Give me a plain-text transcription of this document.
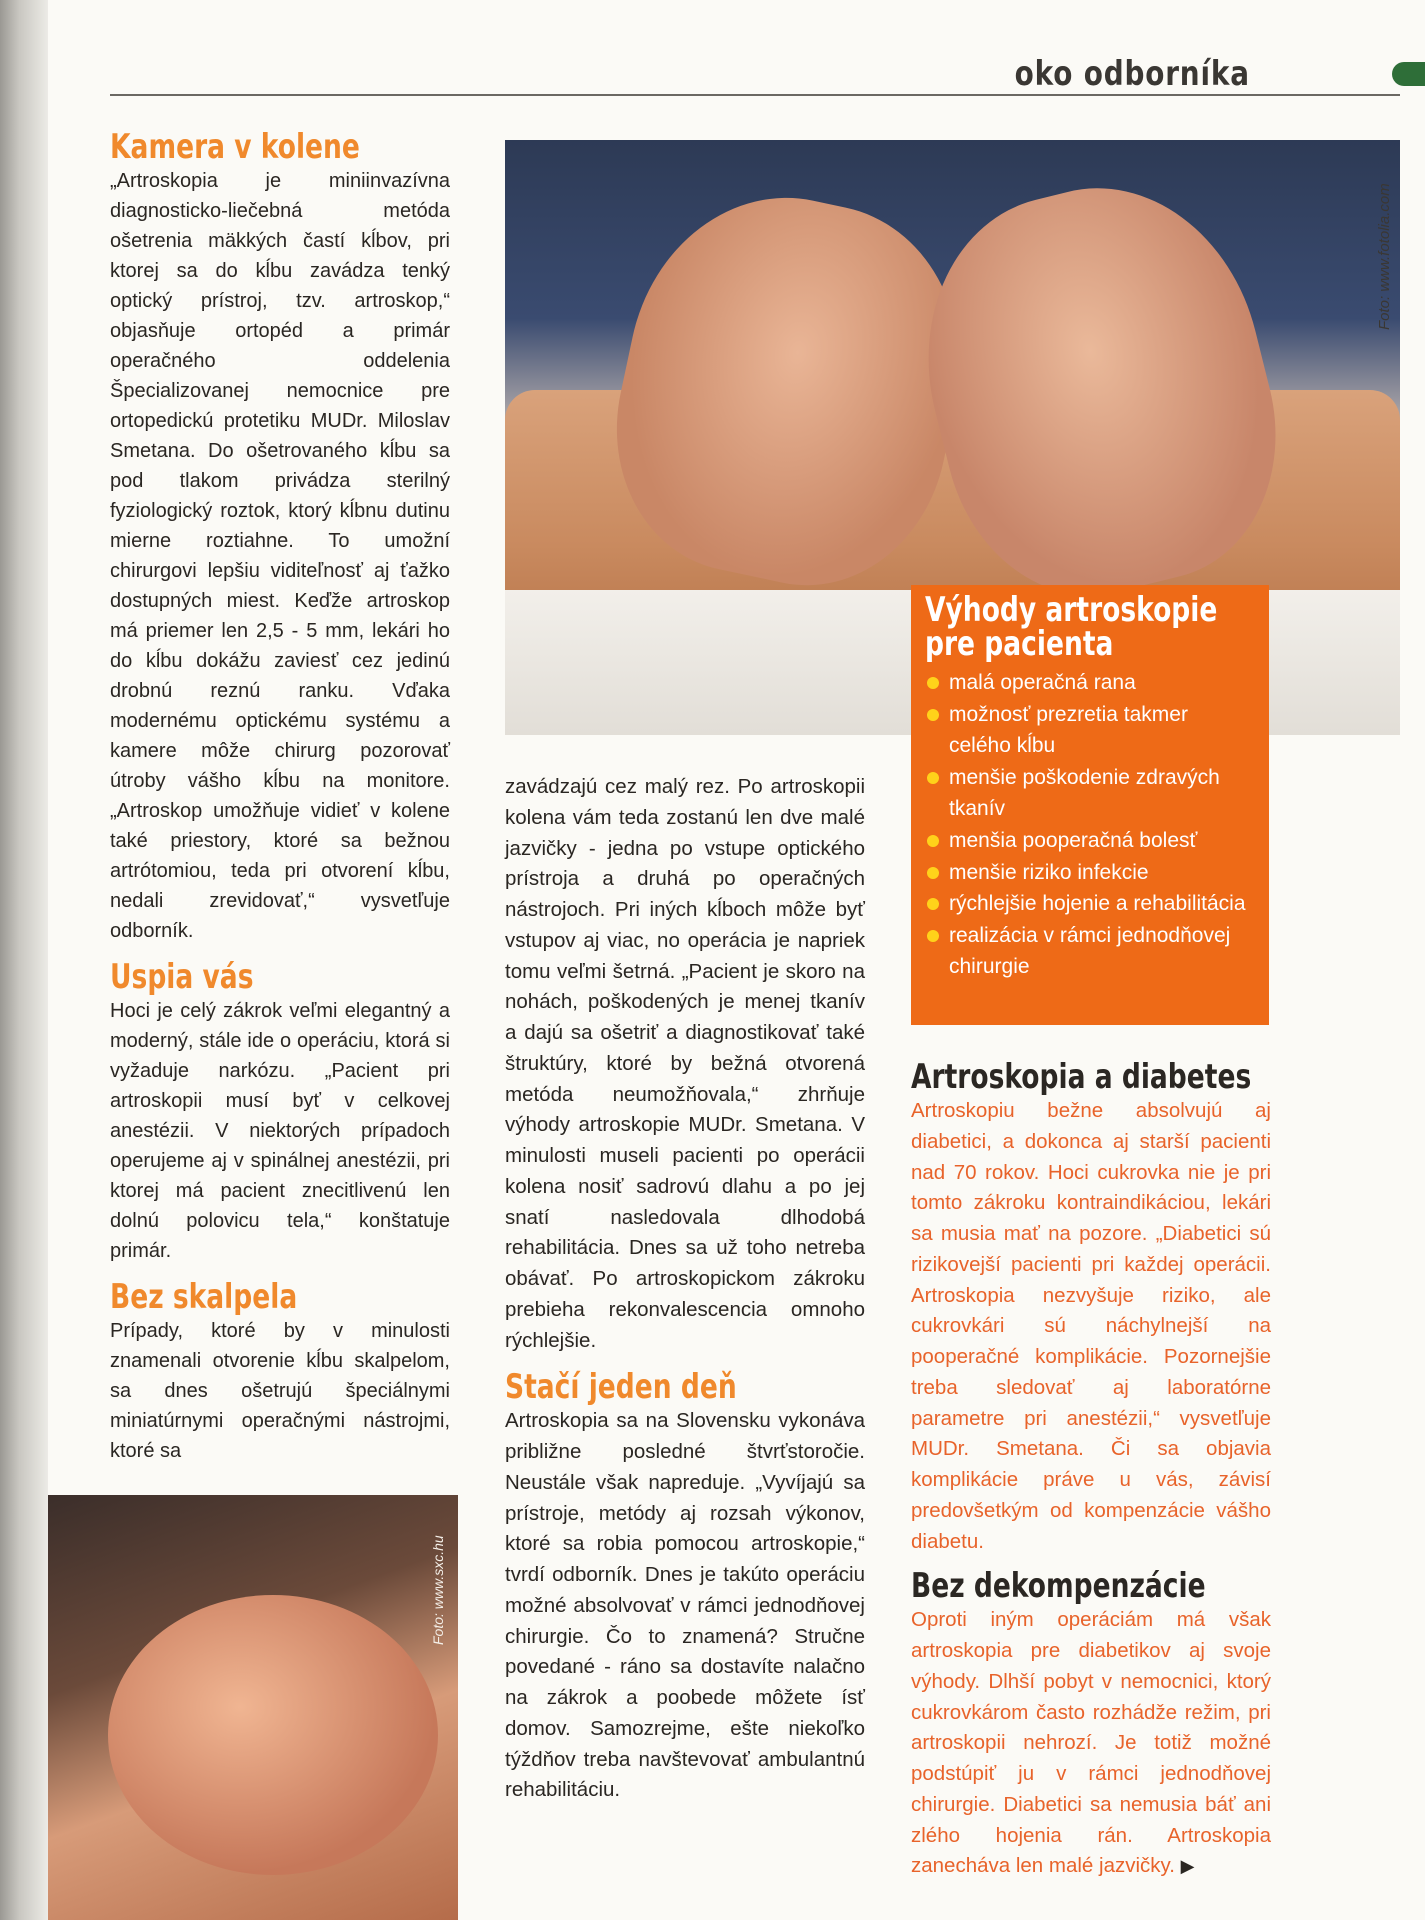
oko odborníka
Foto: www.fotolia.com
Výhody artroskopie pre pacienta
malá operačná rana
možnosť prezretia takmer celého kĺbu
menšie poškodenie zdravých tkanív
menšia pooperačná bolesť
menšie riziko infekcie
rýchlejšie hojenie a rehabilitácia
realizácia v rámci jednodňovej chirurgie
Kamera v kolene

„Artroskopia je miniinvazívna diagnosticko-liečebná metóda ošetrenia mäkkých častí kĺbov, pri ktorej sa do kĺbu zavádza tenký optický prístroj, tzv. artroskop,“ objasňuje ortopéd a primár operačného oddelenia Špecializovanej nemocnice pre ortopedickú protetiku MUDr. Miloslav Smetana. Do ošetrovaného kĺbu sa pod tlakom privádza sterilný fyziologický roztok, ktorý kĺbnu dutinu mierne roztiahne. To umožní chirurgovi lepšiu viditeľnosť aj ťažko dostupných miest. Keďže artroskop má priemer len 2,5 - 5 mm, lekári ho do kĺbu dokážu zaviesť cez jedinú drobnú reznú ranku. Vďaka modernému optickému systému a kamere môže chirurg pozorovať útroby vášho kĺbu na monitore. „Artroskop umožňuje vidieť v kolene také priestory, ktoré sa bežnou artrótomiou, teda pri otvorení kĺbu, nedali zrevidovať,“ vysvetľuje odborník.

Uspia vás

Hoci je celý zákrok veľmi elegantný a moderný, stále ide o operáciu, ktorá si vyžaduje narkózu. „Pacient pri artroskopii musí byť v celkovej anestézii. V niektorých prípadoch operujeme aj v spinálnej anestézii, pri ktorej má pacient znecitlivenú len dolnú polovicu tela,“ konštatuje primár.

Bez skalpela

Prípady, ktoré by v minulosti znamenali otvorenie kĺbu skalpelom, sa dnes ošetrujú špeciálnymi miniatúrnymi operačnými nástrojmi, ktoré sa

Foto: www.sxc.hu

zavádzajú cez malý rez. Po artroskopii kolena vám teda zostanú len dve malé jazvičky - jedna po vstupe optického prístroja a druhá po operačných nástrojoch. Pri iných kĺboch môže byť vstupov aj viac, no operácia je napriek tomu veľmi šetrná. „Pacient je skoro na nohách, poškodených je menej tkanív a dajú sa ošetriť a diagnostikovať také štruktúry, ktoré by bežná otvorená metóda neumožňovala,“ zhrňuje výhody artroskopie MUDr. Smetana. V minulosti museli pacienti po operácii kolena nosiť sadrovú dlahu a po jej snatí nasledovala dlhodobá rehabilitácia. Dnes sa už toho netreba obávať. Po artroskopickom zákroku prebieha rekonvalescencia omnoho rýchlejšie.

Stačí jeden deň

Artroskopia sa na Slovensku vykonáva približne posledné štvrťstoročie. Neustále však napreduje. „Vyvíjajú sa prístroje, metódy aj rozsah výkonov, ktoré sa robia pomocou artroskopie,“ tvrdí odborník. Dnes je takúto operáciu možné absolvovať v rámci jednodňovej chirurgie. Čo to znamená? Stručne povedané - ráno sa dostavíte nalačno na zákrok a poobede môžete ísť domov. Samozrejme, ešte niekoľko týždňov treba navštevovať ambulantnú rehabilitáciu.

Artroskopia a diabetes

Artroskopiu bežne absolvujú aj diabetici, a dokonca aj starší pacienti nad 70 rokov. Hoci cukrovka nie je pri tomto zákroku kontraindikáciou, lekári sa musia mať na pozore. „Diabetici sú rizikovejší pacienti pri každej operácii. Artroskopia nezvyšuje riziko, ale cukrovkári sú náchylnejší na pooperačné komplikácie. Pozornejšie treba sledovať aj laboratórne parametre pri anestézii,“ vysvetľuje MUDr. Smetana. Či sa objavia komplikácie práve u vás, závisí predovšetkým od kompenzácie vášho diabetu.

Bez dekompenzácie

Oproti iným operáciám má však artroskopia pre diabetikov aj svoje výhody. Dlhší pobyt v nemocnici, ktorý cukrovkárom často rozhádže režim, pri artroskopii nehrozí. Je totiž možné podstúpiť ju v rámci jednodňovej chirurgie. Diabetici sa nemusia báť ani zlého hojenia rán. Artroskopia zanecháva len malé jazvičky. ▶
